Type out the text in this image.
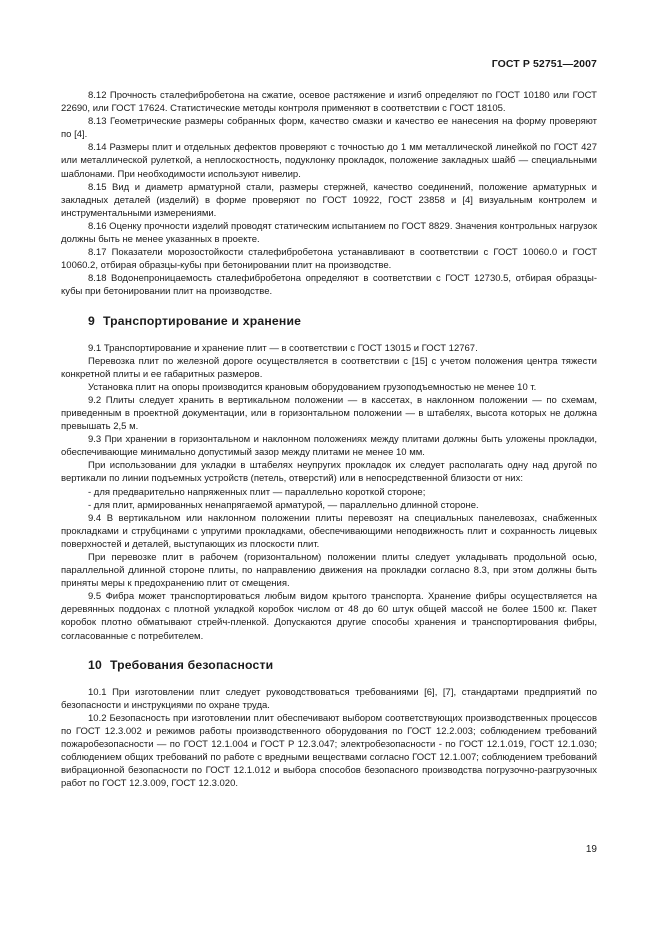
ГОСТ Р 52751—2007

8.12 Прочность сталефибробетона на сжатие, осевое растяжение и изгиб определяют по ГОСТ 10180 или ГОСТ 22690, или ГОСТ 17624. Статистические методы контроля применяют в соответствии с ГОСТ 18105.

8.13 Геометрические размеры собранных форм, качество смазки и качество ее нанесения на форму проверяют по [4].

8.14 Размеры плит и отдельных дефектов проверяют с точностью до 1 мм металлической линейкой по ГОСТ 427 или металлической рулеткой, а неплоскостность, подуклонку прокладок, положение закладных шайб — специальными шаблонами. При необходимости используют нивелир.

8.15 Вид и диаметр арматурной стали, размеры стержней, качество соединений, положение арматурных и закладных деталей (изделий) в форме проверяют по ГОСТ 10922, ГОСТ 23858 и [4] визуальным контролем и инструментальными измерениями.

8.16 Оценку прочности изделий проводят статическим испытанием по ГОСТ 8829. Значения контрольных нагрузок должны быть не менее указанных в проекте.

8.17 Показатели морозостойкости сталефибробетона устанавливают в соответствии с ГОСТ 10060.0 и ГОСТ 10060.2, отбирая образцы-кубы при бетонировании плит на производстве.

8.18 Водонепроницаемость сталефибробетона определяют в соответствии с ГОСТ 12730.5, отбирая образцы-кубы при бетонировании плит на производстве.

9 Транспортирование и хранение

9.1 Транспортирование и хранение плит — в соответствии с ГОСТ 13015 и ГОСТ 12767.

Перевозка плит по железной дороге осуществляется в соответствии с [15] с учетом положения центра тяжести конкретной плиты и ее габаритных размеров.

Установка плит на опоры производится крановым оборудованием грузоподъемностью не менее 10 т.

9.2 Плиты следует хранить в вертикальном положении — в кассетах, в наклонном положении — по схемам, приведенным в проектной документации, или в горизонтальном положении — в штабелях, высота которых не должна превышать 2,5 м.

9.3 При хранении в горизонтальном и наклонном положениях между плитами должны быть уложены прокладки, обеспечивающие минимально допустимый зазор между плитами не менее 10 мм.

При использовании для укладки в штабелях неупругих прокладок их следует располагать одну над другой по вертикали по линии подъемных устройств (петель, отверстий) или в непосредственной близости от них:

- для предварительно напряженных плит — параллельно короткой стороне;

- для плит, армированных ненапрягаемой арматурой, — параллельно длинной стороне.

9.4 В вертикальном или наклонном положении плиты перевозят на специальных панелевозах, снабженных прокладками и струбцинами с упругими прокладками, обеспечивающими неподвижность плит и сохранность лицевых поверхностей и деталей, выступающих из плоскости плит.

При перевозке плит в рабочем (горизонтальном) положении плиты следует укладывать продольной осью, параллельной длинной стороне плиты, по направлению движения на прокладки согласно 8.3, при этом должны быть приняты меры к предохранению плит от смещения.

9.5 Фибра может транспортироваться любым видом крытого транспорта. Хранение фибры осуществляется на деревянных поддонах с плотной укладкой коробок числом от 48 до 60 штук общей массой не более 1500 кг. Пакет коробок плотно обматывают стрейч-пленкой. Допускаются другие способы хранения и транспортирования фибры, согласованные с потребителем.

10 Требования безопасности

10.1 При изготовлении плит следует руководствоваться требованиями [6], [7], стандартами предприятий по безопасности и инструкциями по охране труда.

10.2 Безопасность при изготовлении плит обеспечивают выбором соответствующих производственных процессов по ГОСТ 12.3.002 и режимов работы производственного оборудования по ГОСТ 12.2.003; соблюдением требований пожаробезопасности — по ГОСТ 12.1.004 и ГОСТ Р 12.3.047; электробезопасности - по ГОСТ 12.1.019, ГОСТ 12.1.030; соблюдением общих требований по работе с вредными веществами согласно ГОСТ 12.1.007; соблюдением требований вибрационной безопасности по ГОСТ 12.1.012 и выбора способов безопасного производства погрузочно-разгрузочных работ по ГОСТ 12.3.009, ГОСТ 12.3.020.

19
